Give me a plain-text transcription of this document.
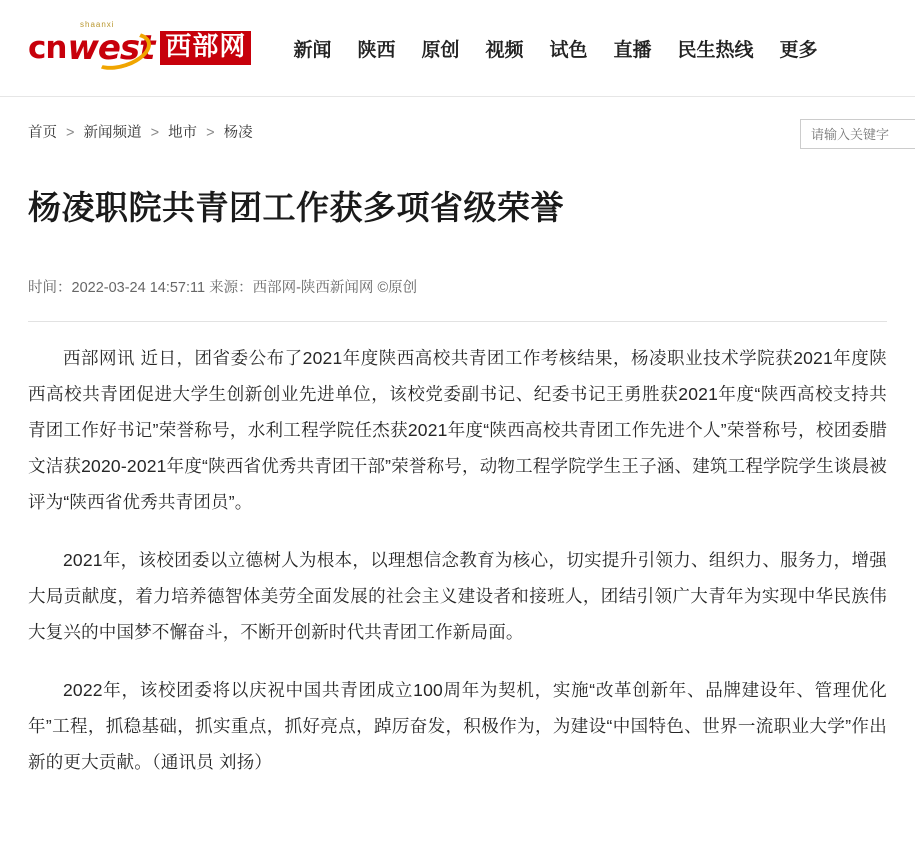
cn west
shaanxi
西部网 新闻 陕西 原创 视频 试色 直播 民生热线 更多
首页 > 新闻频道 > 地市 > 杨凌
请输入关键字
杨凌职院共青团工作获多项省级荣誉
时间：2022-03-24 14:57:11 来源：西部网-陕西新闻网 ©原创

西部网讯 近日，团省委公布了2021年度陕西高校共青团工作考核结果，杨凌职业技术学院获2021年度陕西高校共青团促进大学生创新创业先进单位，该校党委副书记、纪委书记王勇胜获2021年度“陕西高校支持共青团工作好书记”荣誉称号，水利工程学院任杰获2021年度“陕西高校共青团工作先进个人”荣誉称号，校团委腊文洁获2020-2021年度“陕西省优秀共青团干部”荣誉称号，动物工程学院学生王子涵、建筑工程学院学生谈晨被评为“陕西省优秀共青团员”。

2021年，该校团委以立德树人为根本，以理想信念教育为核心，切实提升引领力、组织力、服务力，增强大局贡献度，着力培养德智体美劳全面发展的社会主义建设者和接班人，团结引领广大青年为实现中华民族伟大复兴的中国梦不懈奋斗，不断开创新时代共青团工作新局面。

2022年，该校团委将以庆祝中国共青团成立100周年为契机，实施“改革创新年、品牌建设年、管理优化年”工程，抓稳基础，抓实重点，抓好亮点，踔厉奋发，积极作为，为建设“中国特色、世界一流职业大学”作出新的更大贡献。（通讯员 刘扬）
